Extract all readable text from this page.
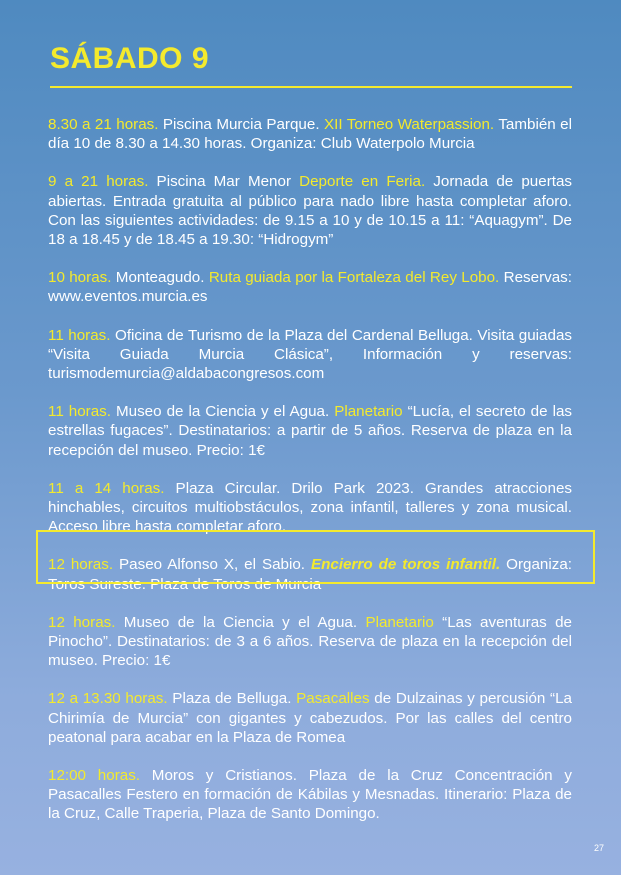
SÁBADO 9

8.30 a 21 horas. Piscina Murcia Parque. XII Torneo Waterpassion. También el día 10 de 8.30 a 14.30 horas. Organiza: Club Waterpolo Murcia

9 a 21 horas. Piscina Mar Menor Deporte en Feria. Jornada de puertas abiertas. Entrada gratuita al público para nado libre hasta completar aforo. Con las siguientes actividades: de 9.15 a 10 y de 10.15 a 11: “Aquagym”. De 18 a 18.45 y de 18.45 a 19.30: “Hidrogym”

10 horas. Monteagudo. Ruta guiada por la Fortaleza del Rey Lobo. Reservas: www.eventos.murcia.es

11 horas. Oficina de Turismo de la Plaza del Cardenal Belluga. Visita guiadas “Visita Guiada Murcia Clásica”, Información y reservas: turismodemurcia@aldabacongresos.com

11 horas. Museo de la Ciencia y el Agua. Planetario “Lucía, el secreto de las estrellas fugaces”. Destinatarios: a partir de 5 años. Reserva de plaza en la recepción del museo. Precio: 1€

11 a 14 horas. Plaza Circular. Drilo Park 2023. Grandes atracciones hinchables, circuitos multiobstáculos, zona infantil, talleres y zona musical. Acceso libre hasta completar aforo.

12 horas. Paseo Alfonso X, el Sabio. Encierro de toros infantil. Organiza: Toros Sureste. Plaza de Toros de Murcia

12 horas. Museo de la Ciencia y el Agua. Planetario “Las aventuras de Pinocho”. Destinatarios: de 3 a 6 años. Reserva de plaza en la recepción del museo. Precio: 1€

12 a 13.30 horas. Plaza de Belluga. Pasacalles de Dulzainas y percusión “La Chirimía de Murcia” con gigantes y cabezudos. Por las calles del centro peatonal para acabar en la Plaza de Romea

12:00 horas. Moros y Cristianos. Plaza de la Cruz Concentración y Pasacalles Festero en formación de Kábilas y Mesnadas. Itinerario: Plaza de la Cruz, Calle Traperia, Plaza de Santo Domingo.

27
